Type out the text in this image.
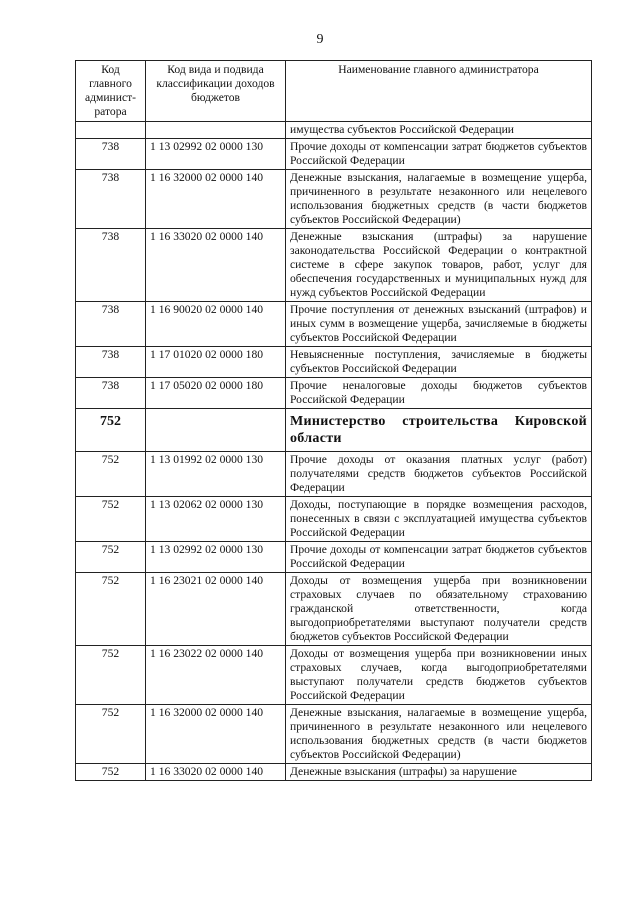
9
Код главного админист-ратора	Код вида и подвида классификации доходов бюджетов	Наименование главного администратора
		имущества субъектов Российской Федерации
738	1 13 02992 02 0000 130	Прочие доходы от компенсации затрат бюджетов субъектов Российской Федерации
738	1 16 32000 02 0000 140	Денежные взыскания, налагаемые в возмещение ущерба, причиненного в результате незаконного или нецелевого использования бюджетных средств (в части бюджетов субъектов Российской Федерации)
738	1 16 33020 02 0000 140	Денежные взыскания (штрафы) за нарушение законодательства Российской Федерации о контрактной системе в сфере закупок товаров, работ, услуг для обеспечения государственных и муниципальных нужд для нужд субъектов Российской Федерации
738	1 16 90020 02 0000 140	Прочие поступления от денежных взысканий (штрафов) и иных сумм в возмещение ущерба, зачисляемые в бюджеты субъектов Российской Федерации
738	1 17 01020 02 0000 180	Невыясненные поступления, зачисляемые в бюджеты субъектов Российской Федерации
738	1 17 05020 02 0000 180	Прочие неналоговые доходы бюджетов субъектов Российской Федерации
752		Министерство строительства Кировской области
752	1 13 01992 02 0000 130	Прочие доходы от оказания платных услуг (работ) получателями средств бюджетов субъектов Российской Федерации
752	1 13 02062 02 0000 130	Доходы, поступающие в порядке возмещения расходов, понесенных в связи с эксплуатацией имущества субъектов Российской Федерации
752	1 13 02992 02 0000 130	Прочие доходы от компенсации затрат бюджетов субъектов Российской Федерации
752	1 16 23021 02 0000 140	Доходы от возмещения ущерба при возникновении страховых случаев по обязательному страхованию гражданской ответственности, когда выгодоприобретателями выступают получатели средств бюджетов субъектов Российской Федерации
752	1 16 23022 02 0000 140	Доходы от возмещения ущерба при возникновении иных страховых случаев, когда выгодоприобретателями выступают получатели средств бюджетов субъектов Российской Федерации
752	1 16 32000 02 0000 140	Денежные взыскания, налагаемые в возмещение ущерба, причиненного в результате незаконного или нецелевого использования бюджетных средств (в части бюджетов субъектов Российской Федерации)
752	1 16 33020 02 0000 140	Денежные взыскания (штрафы) за нарушение
